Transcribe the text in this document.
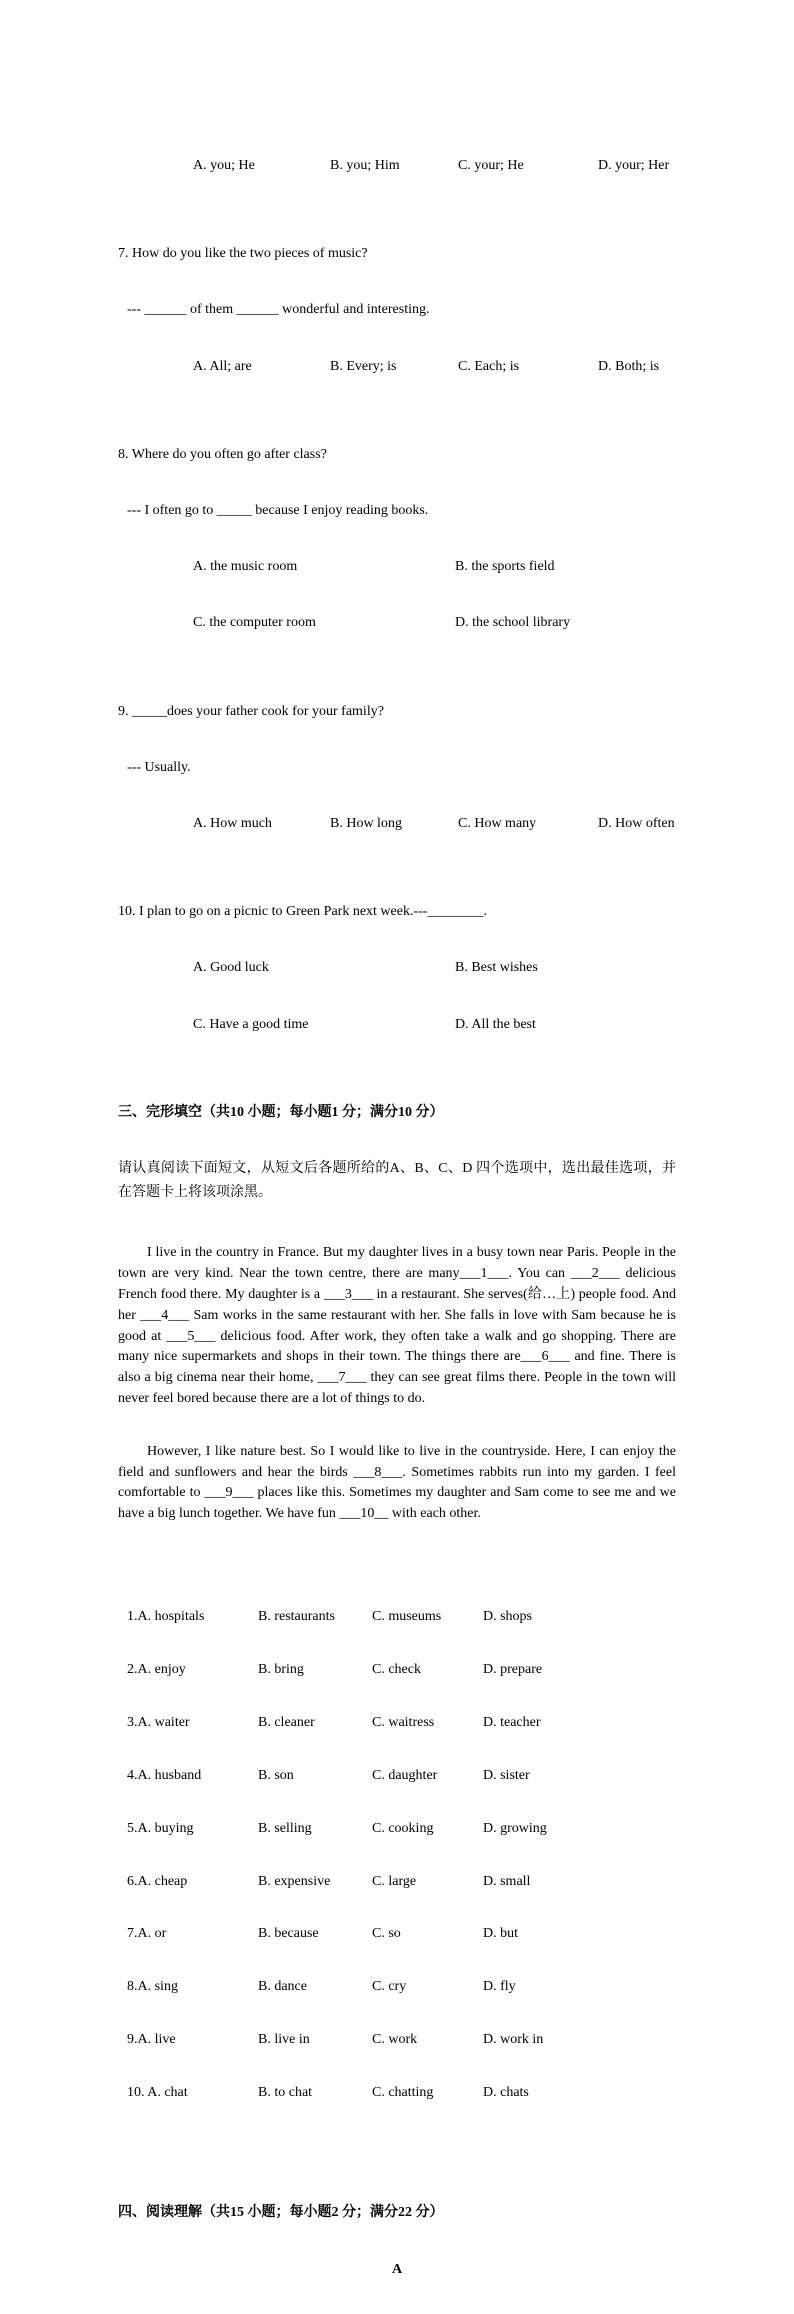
A. you; He	B. you; Him	C. your; He	D. your; Her

7. How do you like the two pieces of music?

--- ______ of them ______ wonderful and interesting.

A. All; are	B. Every; is	C. Each; is	D. Both; is

8. Where do you often go after class?

--- I often go to _____ because I enjoy reading books.

A. the music room	B. the sports field

C. the computer room	D. the school library

9. _____does your father cook for your family?

--- Usually.

A. How much	B. How long	C. How many	D. How often

10. I plan to go on a picnic to Green Park next week.---________.

A. Good luck	B. Best wishes

C. Have a good time	D. All the best

三、完形填空（共10 小题；每小题1 分；满分10 分）

请认真阅读下面短文，从短文后各题所给的A、B、C、D 四个选项中，选出最佳选项，并在答题卡上将该项涂黑。

I live in the country in France. But my daughter lives in a busy town near Paris. People in the town are very kind. Near the town centre, there are many___1___. You can ___2___ delicious French food there. My daughter is a ___3___ in a restaurant. She serves(给…上) people food. And her ___4___ Sam works in the same restaurant with her. She falls in love with Sam because he is good at ___5___ delicious food. After work, they often take a walk and go shopping. There are many nice supermarkets and shops in their town. The things there are___6___ and fine. There is also a big cinema near their home, ___7___ they can see great films there. People in the town will never feel bored because there are a lot of things to do.

However, I like nature best. So I would like to live in the countryside. Here, I can enjoy the field and sunflowers and hear the birds ___8___. Sometimes rabbits run into my garden. I feel comfortable to ___9___ places like this. Sometimes my daughter and Sam come to see me and we have a big lunch together. We have fun ___10__ with each other.

1.A. hospitals	B. restaurants	C. museums	D. shops

2.A. enjoy	B. bring	C. check	D. prepare

3.A. waiter	B. cleaner	C. waitress	D. teacher

4.A. husband	B. son	C. daughter	D. sister

5.A. buying	B. selling	C. cooking	D. growing

6.A. cheap	B. expensive	C. large	D. small

7.A. or	B. because	C. so	D. but

8.A. sing	B. dance	C. cry	D. fly

9.A. live	B. live in	C. work	D. work in

10. A. chat	B. to chat	C. chatting	D. chats

四、阅读理解（共15 小题；每小题2 分；满分22 分）

A
